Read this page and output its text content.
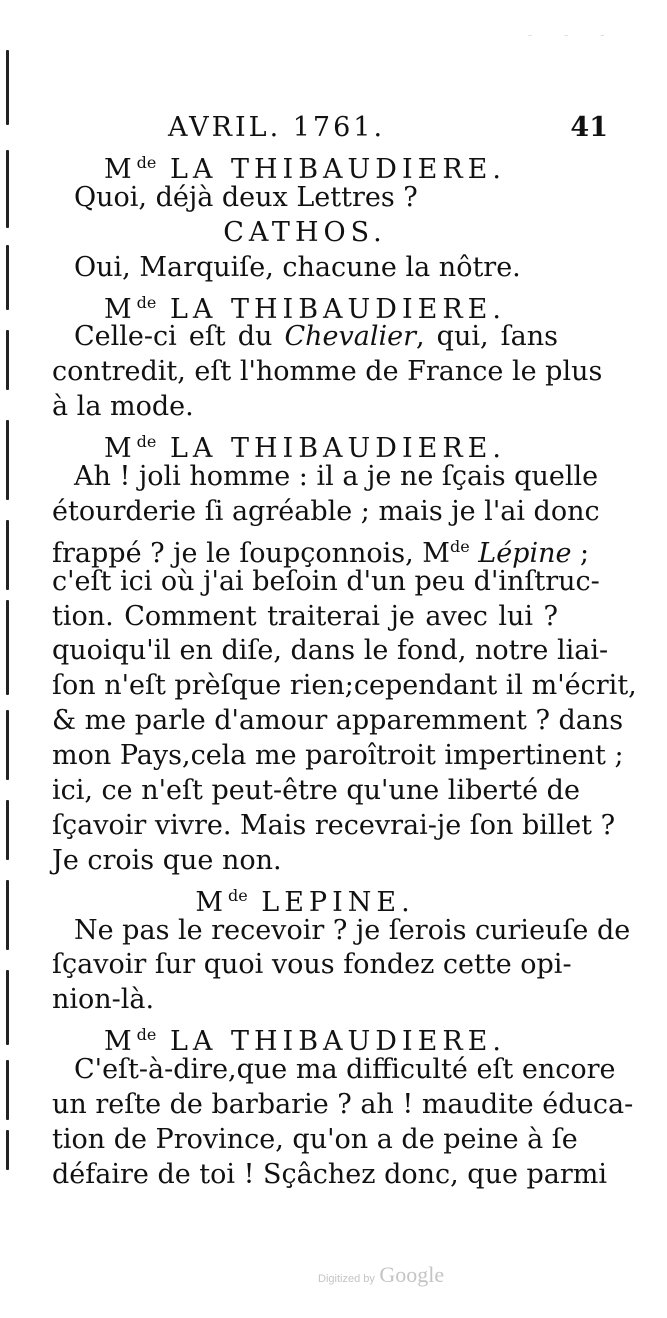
- - -
AVRIL. 1761.	41
Mde LA THIBAUDIERE.
Quoi, déjà deux Lettres ?
CATHOS.
Oui, Marquiſe, chacune la nôtre.
Mde LA THIBAUDIERE.
Celle-ci eſt du Chevalier, qui, ſans
contredit, eſt l'homme de France le plus
à la mode.
Mde LA THIBAUDIERE.
Ah ! joli homme : il a je ne ſçais quelle
étourderie ſi agréable ; mais je l'ai donc
frappé ? je le ſoupçonnois, Mde Lépine ;
c'eſt ici où j'ai beſoin d'un peu d'inſtruc-
tion. Comment traiterai je avec lui ?
quoiqu'il en diſe, dans le fond, notre liai-
ſon n'eſt prèſque rien;cependant il m'écrit,
& me parle d'amour apparemment ? dans
mon Pays,cela me paroîtroit impertinent ;
ici, ce n'eſt peut-être qu'une liberté de
ſçavoir vivre. Mais recevrai-je ſon billet ?
Je crois que non.
Mde LEPINE.
Ne pas le recevoir ? je ſerois curieuſe de
ſçavoir ſur quoi vous fondez cette opi-
nion-là.
Mde LA THIBAUDIERE.
C'eſt-à-dire,que ma difficulté eſt encore
un reſte de barbarie ? ah ! maudite éduca-
tion de Province, qu'on a de peine à ſe
défaire de toi ! Sçâchez donc, que parmi
Digitized by Google
